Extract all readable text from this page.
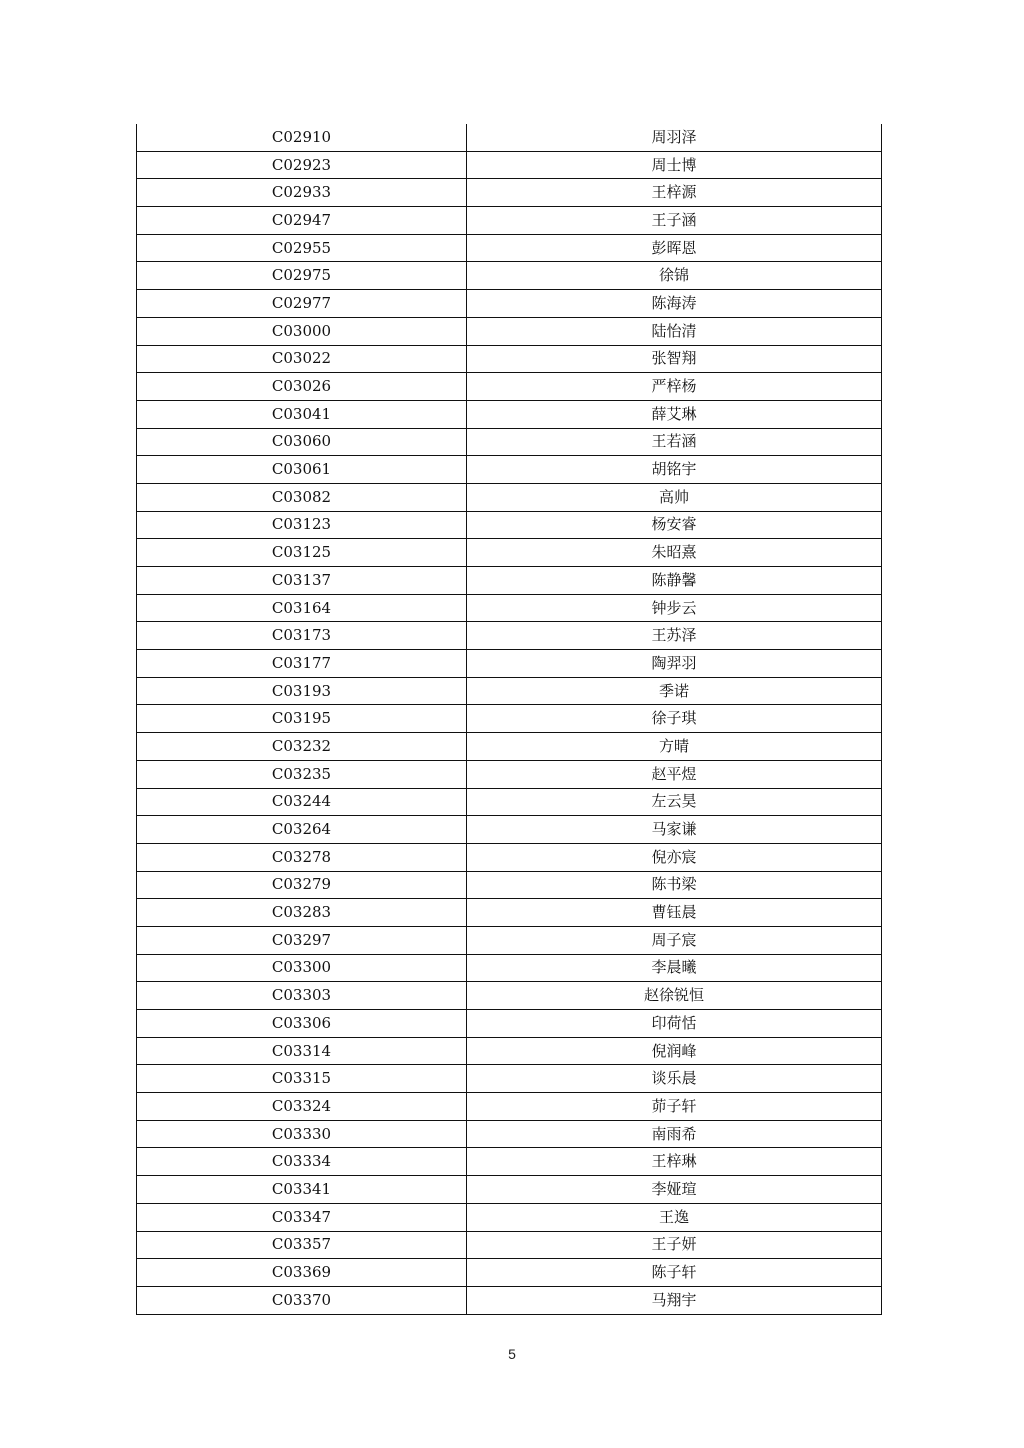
C02910	周羽泽
C02923	周士博
C02933	王梓源
C02947	王子涵
C02955	彭晖恩
C02975	徐锦
C02977	陈海涛
C03000	陆怡清
C03022	张智翔
C03026	严梓杨
C03041	薛艾琳
C03060	王若涵
C03061	胡铭宇
C03082	高帅
C03123	杨安睿
C03125	朱昭熹
C03137	陈静馨
C03164	钟步云
C03173	王苏泽
C03177	陶羿羽
C03193	季诺
C03195	徐子琪
C03232	方晴
C03235	赵平煜
C03244	左云昊
C03264	马家谦
C03278	倪亦宸
C03279	陈书梁
C03283	曹钰晨
C03297	周子宸
C03300	李晨曦
C03303	赵徐锐恒
C03306	印荷恬
C03314	倪润峰
C03315	谈乐晨
C03324	茆子轩
C03330	南雨希
C03334	王梓琳
C03341	李娅瑄
C03347	王逸
C03357	王子妍
C03369	陈子轩
C03370	马翔宇
5
